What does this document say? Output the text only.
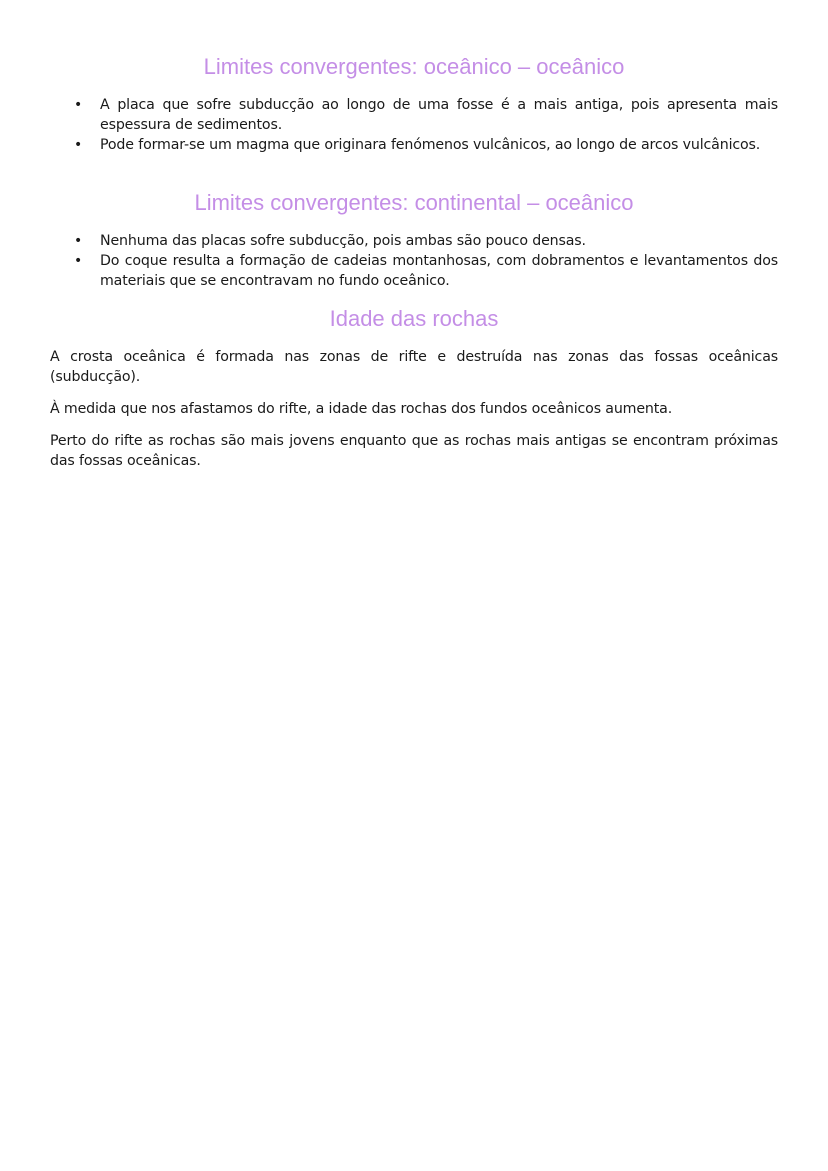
Limites convergentes: oceânico – oceânico
• A placa que sofre subducção ao longo de uma fosse é a mais antiga, pois apresenta mais espessura de sedimentos.
• Pode formar-se um magma que originara fenómenos vulcânicos, ao longo de arcos vulcânicos.
Limites convergentes: continental – oceânico
• Nenhuma das placas sofre subducção, pois ambas são pouco densas.
• Do coque resulta a formação de cadeias montanhosas, com dobramentos e levantamentos dos materiais que se encontravam no fundo oceânico.
Idade das rochas

A crosta oceânica é formada nas zonas de rifte e destruída nas zonas das fossas oceânicas (subducção).

À medida que nos afastamos do rifte, a idade das rochas dos fundos oceânicos aumenta.

Perto do rifte as rochas são mais jovens enquanto que as rochas mais antigas se encontram próximas das fossas oceânicas.
